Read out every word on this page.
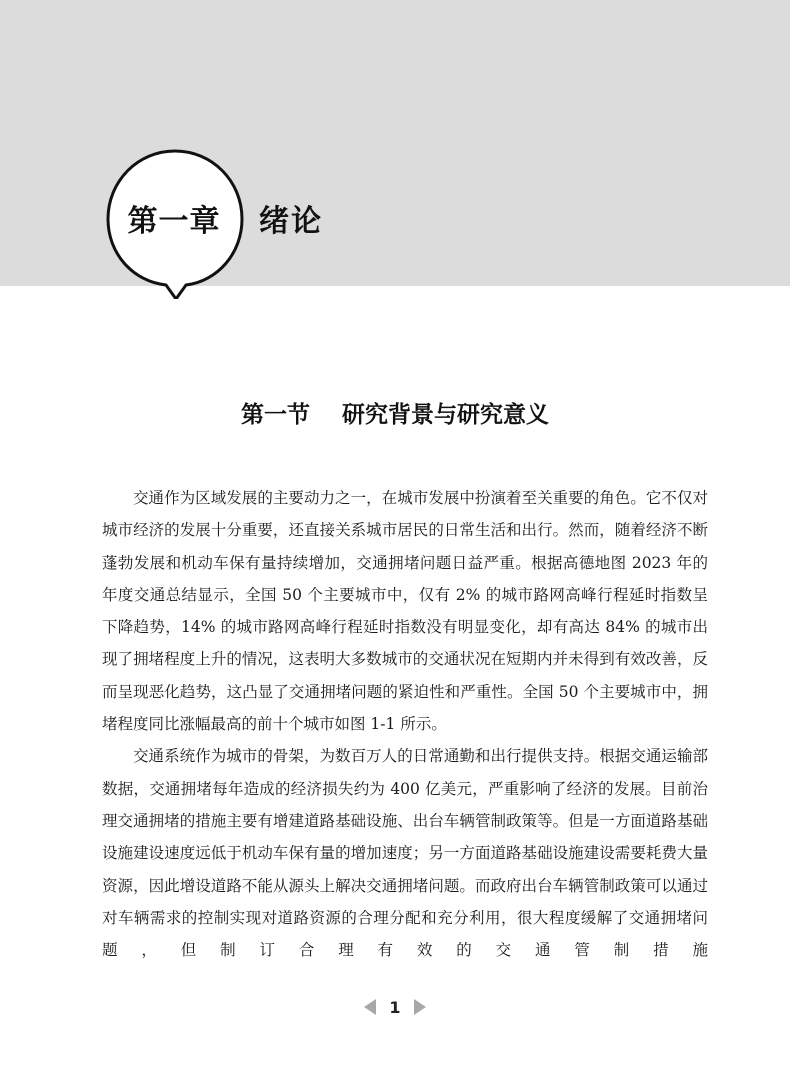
第一章	绪论
第一节    研究背景与研究意义

交通作为区域发展的主要动力之一，在城市发展中扮演着至关重要的角色。它不仅对城市经济的发展十分重要，还直接关系城市居民的日常生活和出行。然而，随着经济不断蓬勃发展和机动车保有量持续增加，交通拥堵问题日益严重。根据高德地图 2023 年的年度交通总结显示，全国 50 个主要城市中，仅有 2% 的城市路网高峰行程延时指数呈下降趋势，14% 的城市路网高峰行程延时指数没有明显变化，却有高达 84% 的城市出现了拥堵程度上升的情况，这表明大多数城市的交通状况在短期内并未得到有效改善，反而呈现恶化趋势，这凸显了交通拥堵问题的紧迫性和严重性。全国 50 个主要城市中，拥堵程度同比涨幅最高的前十个城市如图 1-1 所示。

交通系统作为城市的骨架，为数百万人的日常通勤和出行提供支持。根据交通运输部数据，交通拥堵每年造成的经济损失约为 400 亿美元，严重影响了经济的发展。目前治理交通拥堵的措施主要有增建道路基础设施、出台车辆管制政策等。但是一方面道路基础设施建设速度远低于机动车保有量的增加速度；另一方面道路基础设施建设需要耗费大量资源，因此增设道路不能从源头上解决交通拥堵问题。而政府出台车辆管制政策可以通过对车辆需求的控制实现对道路资源的合理分配和充分利用，很大程度缓解了交通拥堵问题，但制订合理有效的交通管制措施

1
